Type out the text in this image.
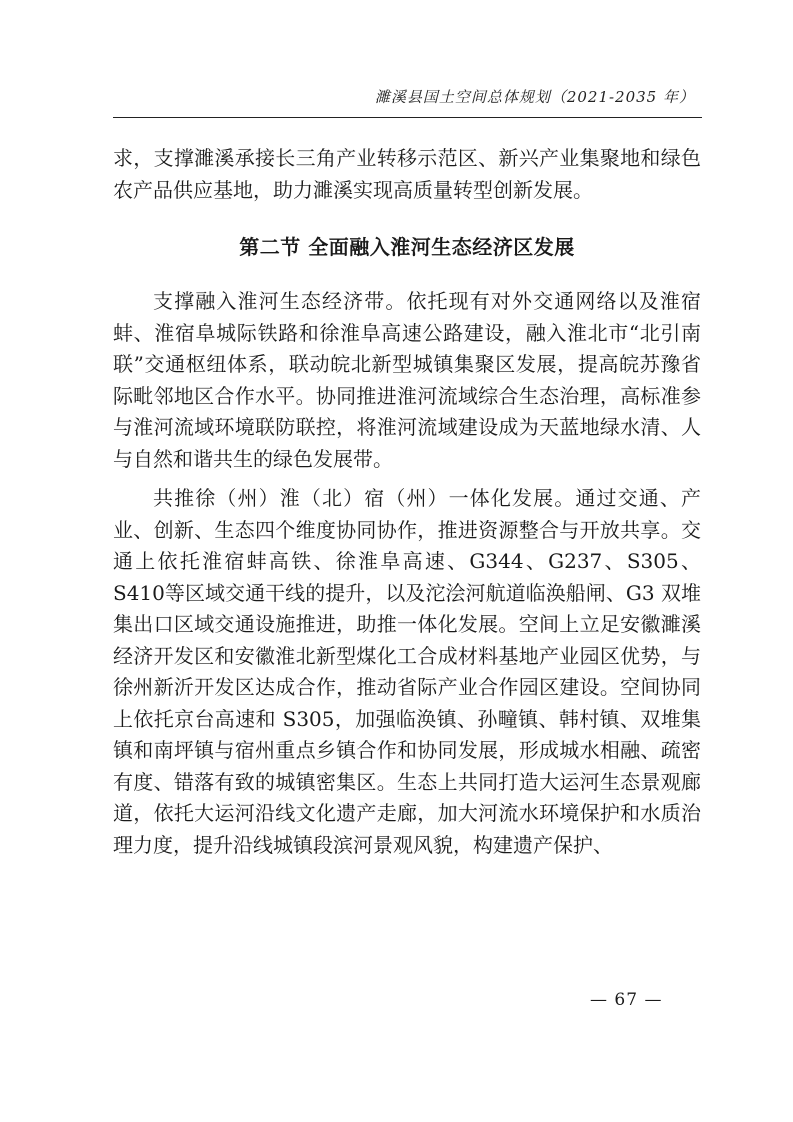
濉溪县国土空间总体规划（2021-2035 年）

求，支撑濉溪承接长三角产业转移示范区、新兴产业集聚地和绿色农产品供应基地，助力濉溪实现高质量转型创新发展。

第二节 全面融入淮河生态经济区发展

支撑融入淮河生态经济带。依托现有对外交通网络以及淮宿蚌、淮宿阜城际铁路和徐淮阜高速公路建设，融入淮北市“北引南联”交通枢纽体系，联动皖北新型城镇集聚区发展，提高皖苏豫省际毗邻地区合作水平。协同推进淮河流域综合生态治理，高标准参与淮河流域环境联防联控，将淮河流域建设成为天蓝地绿水清、人与自然和谐共生的绿色发展带。

共推徐（州）淮（北）宿（州）一体化发展。通过交通、产业、创新、生态四个维度协同协作，推进资源整合与开放共享。交通上依托淮宿蚌高铁、徐淮阜高速、G344、G237、S305、S410等区域交通干线的提升，以及沱浍河航道临涣船闸、G3 双堆集出口区域交通设施推进，助推一体化发展。空间上立足安徽濉溪经济开发区和安徽淮北新型煤化工合成材料基地产业园区优势，与徐州新沂开发区达成合作，推动省际产业合作园区建设。空间协同上依托京台高速和 S305，加强临涣镇、孙疃镇、韩村镇、双堆集镇和南坪镇与宿州重点乡镇合作和协同发展，形成城水相融、疏密有度、错落有致的城镇密集区。生态上共同打造大运河生态景观廊道，依托大运河沿线文化遗产走廊，加大河流水环境保护和水质治理力度，提升沿线城镇段滨河景观风貌，构建遗产保护、

— 67 —
